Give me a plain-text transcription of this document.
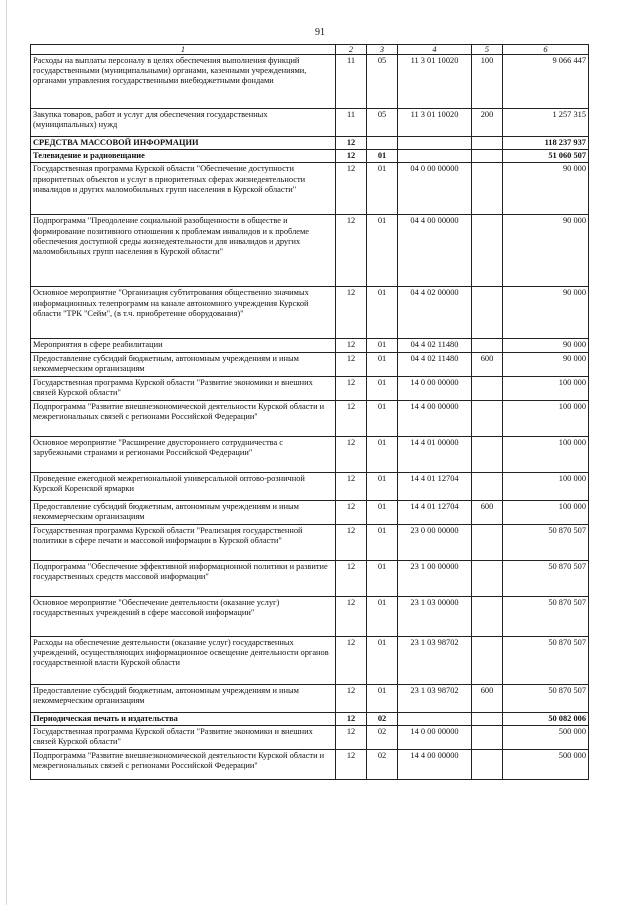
91
1	2	3	4	5	6
Расходы на выплаты персоналу в целях обеспечения выполнения функций государственными (муниципальными) органами, казенными учреждениями, органами управления государственными внебюджетными фондами	11	05	11 3 01 10020	100	9 066 447
Закупка товаров, работ и услуг для обеспечения государственных (муниципальных) нужд	11	05	11 3 01 10020	200	1 257 315
СРЕДСТВА МАССОВОЙ ИНФОРМАЦИИ	12				118 237 937
Телевидение и радиовещание	12	01			51 060 507
Государственная программа Курской области "Обеспечение доступности приоритетных объектов и услуг в приоритетных сферах жизнедеятельности инвалидов и других маломобильных групп населения в Курской области"	12	01	04 0 00 00000		90 000
Подпрограмма "Преодоление социальной разобщенности в обществе и формирование позитивного отношения к проблемам инвалидов и к проблеме обеспечения доступной среды жизнедеятельности для инвалидов и других маломобильных групп населения в Курской области"	12	01	04 4 00 00000		90 000
Основное мероприятие "Организация субтитрования общественно значимых информационных телепрограмм на канале автономного учреждения Курской области "ТРК "Сейм", (в т.ч. приобретение оборудования)"	12	01	04 4 02 00000		90 000
Мероприятия в сфере реабилитации	12	01	04 4 02 11480		90 000
Предоставление субсидий бюджетным, автономным учреждениям и иным некоммерческим организациям	12	01	04 4 02 11480	600	90 000
Государственная программа Курской области "Развитие экономики и внешних связей Курской области"	12	01	14 0 00 00000		100 000
Подпрограмма "Развитие внешнеэкономической деятельности Курской области и межрегиональных связей с регионами Российской Федерации"	12	01	14 4 00 00000		100 000
Основное мероприятие "Расширение двустороннего сотрудничества с зарубежными странами и регионами Российской Федерации"	12	01	14 4 01 00000		100 000
Проведение ежегодной межрегиональной универсальной оптово-розничной Курской Коренской ярмарки	12	01	14 4 01 12704		100 000
Предоставление субсидий бюджетным, автономным учреждениям и иным некоммерческим организациям	12	01	14 4 01 12704	600	100 000
Государственная программа Курской области "Реализация государственной политики в сфере печати и массовой информации в Курской области"	12	01	23 0 00 00000		50 870 507
Подпрограмма "Обеспечение эффективной информационной политики и развитие государственных средств массовой информации"	12	01	23 1 00 00000		50 870 507
Основное мероприятие "Обеспечение деятельности (оказание услуг) государственных учреждений в сфере массовой информации"	12	01	23 1 03 00000		50 870 507
Расходы на обеспечение деятельности (оказание услуг) государственных учреждений, осуществляющих информационное освещение деятельности органов государственной власти Курской области	12	01	23 1 03 98702		50 870 507
Предоставление субсидий бюджетным, автономным учреждениям и иным некоммерческим организациям	12	01	23 1 03 98702	600	50 870 507
Периодическая печать и издательства	12	02			50 082 006
Государственная программа Курской области "Развитие экономики и внешних связей Курской области"	12	02	14 0 00 00000		500 000
Подпрограмма "Развитие внешнеэкономической деятельности Курской области и межрегиональных связей с регионами Российской Федерации"	12	02	14 4 00 00000		500 000
